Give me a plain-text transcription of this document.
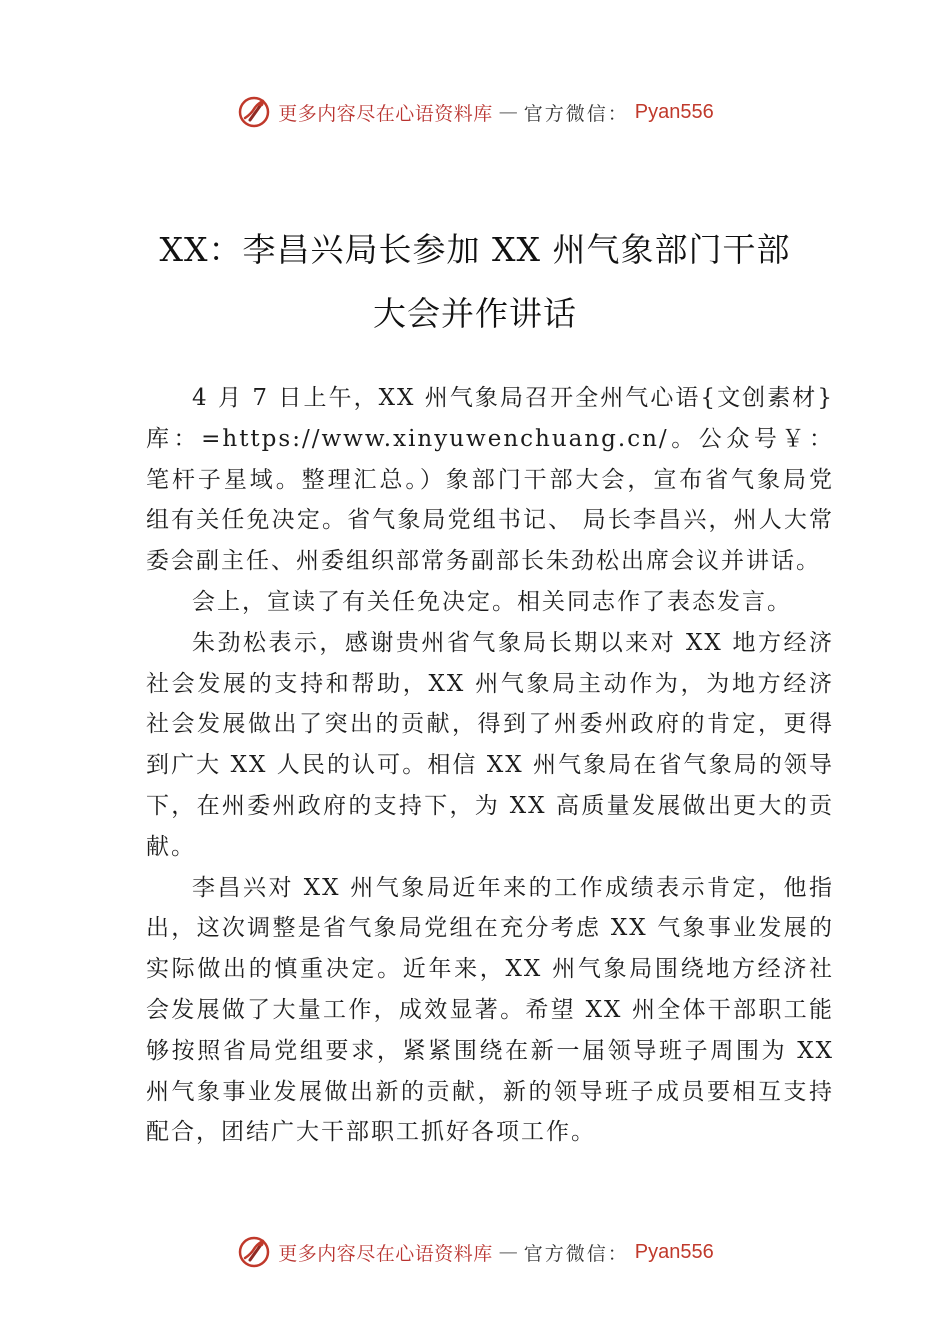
更多内容尽在心语资料库 — 官方微信： Pyan556
XX：李昌兴局长参加 XX 州气象部门干部
大会并作讲话

4 月 7 日上午，XX 州气象局召开全州气心语{文创素材}库：=https://www.xinyuwenchuang.cn/。公众号￥：笔杆子星域。整理汇总。）象部门干部大会，宣布省气象局党组有关任免决定。省气象局党组书记、 局长李昌兴，州人大常委会副主任、州委组织部常务副部长朱劲松出席会议并讲话。

会上，宣读了有关任免决定。相关同志作了表态发言。

朱劲松表示，感谢贵州省气象局长期以来对 XX 地方经济社会发展的支持和帮助，XX 州气象局主动作为，为地方经济社会发展做出了突出的贡献，得到了州委州政府的肯定，更得到广大 XX 人民的认可。相信 XX 州气象局在省气象局的领导下，在州委州政府的支持下，为 XX 高质量发展做出更大的贡献。

李昌兴对 XX 州气象局近年来的工作成绩表示肯定，他指出，这次调整是省气象局党组在充分考虑 XX 气象事业发展的实际做出的慎重决定。近年来，XX 州气象局围绕地方经济社会发展做了大量工作，成效显著。希望 XX 州全体干部职工能够按照省局党组要求，紧紧围绕在新一届领导班子周围为 XX 州气象事业发展做出新的贡献，新的领导班子成员要相互支持配合，团结广大干部职工抓好各项工作。

更多内容尽在心语资料库 — 官方微信： Pyan556
